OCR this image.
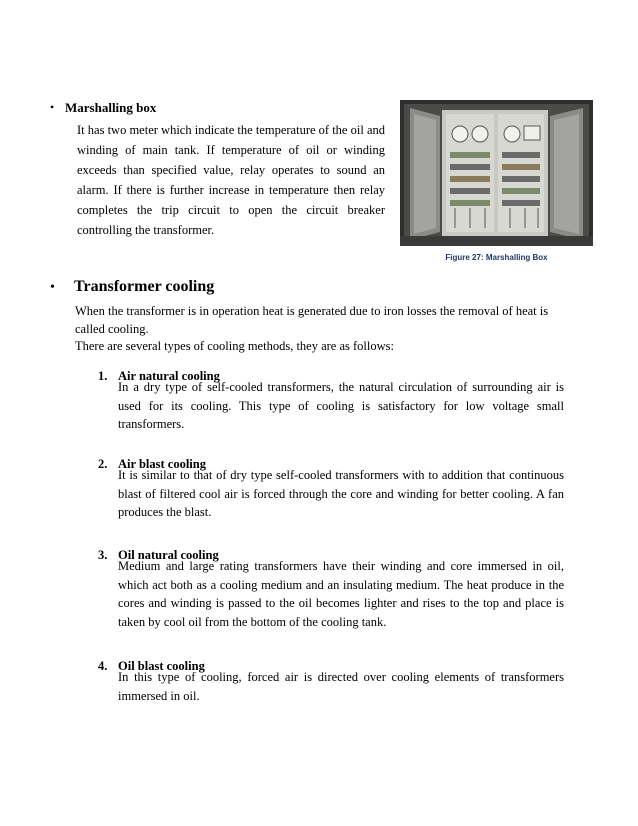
• Marshalling box

It has two meter which indicate the temperature of the oil and winding of main tank. If temperature of oil or winding exceeds than specified value, relay operates to sound an alarm. If there is further increase in temperature then relay completes the trip circuit to open the circuit breaker controlling the transformer.

Figure 27: Marshalling Box
• Transformer cooling

When the transformer is in operation heat is generated due to iron losses the removal of heat is called cooling.
There are several types of cooling methods, they are as follows:

1. Air natural cooling

In a dry type of self-cooled transformers, the natural circulation of surrounding air is used for its cooling. This type of cooling is satisfactory for low voltage small transformers.

2. Air blast cooling

It is similar to that of dry type self-cooled transformers with to addition that continuous blast of filtered cool air is forced through the core and winding for better cooling. A fan produces the blast.

3. Oil natural cooling

Medium and large rating transformers have their winding and core immersed in oil, which act both as a cooling medium and an insulating medium. The heat produce in the cores and winding is passed to the oil becomes lighter and rises to the top and place is taken by cool oil from the bottom of the cooling tank.

4. Oil blast cooling

In this type of cooling, forced air is directed over cooling elements of transformers immersed in oil.
